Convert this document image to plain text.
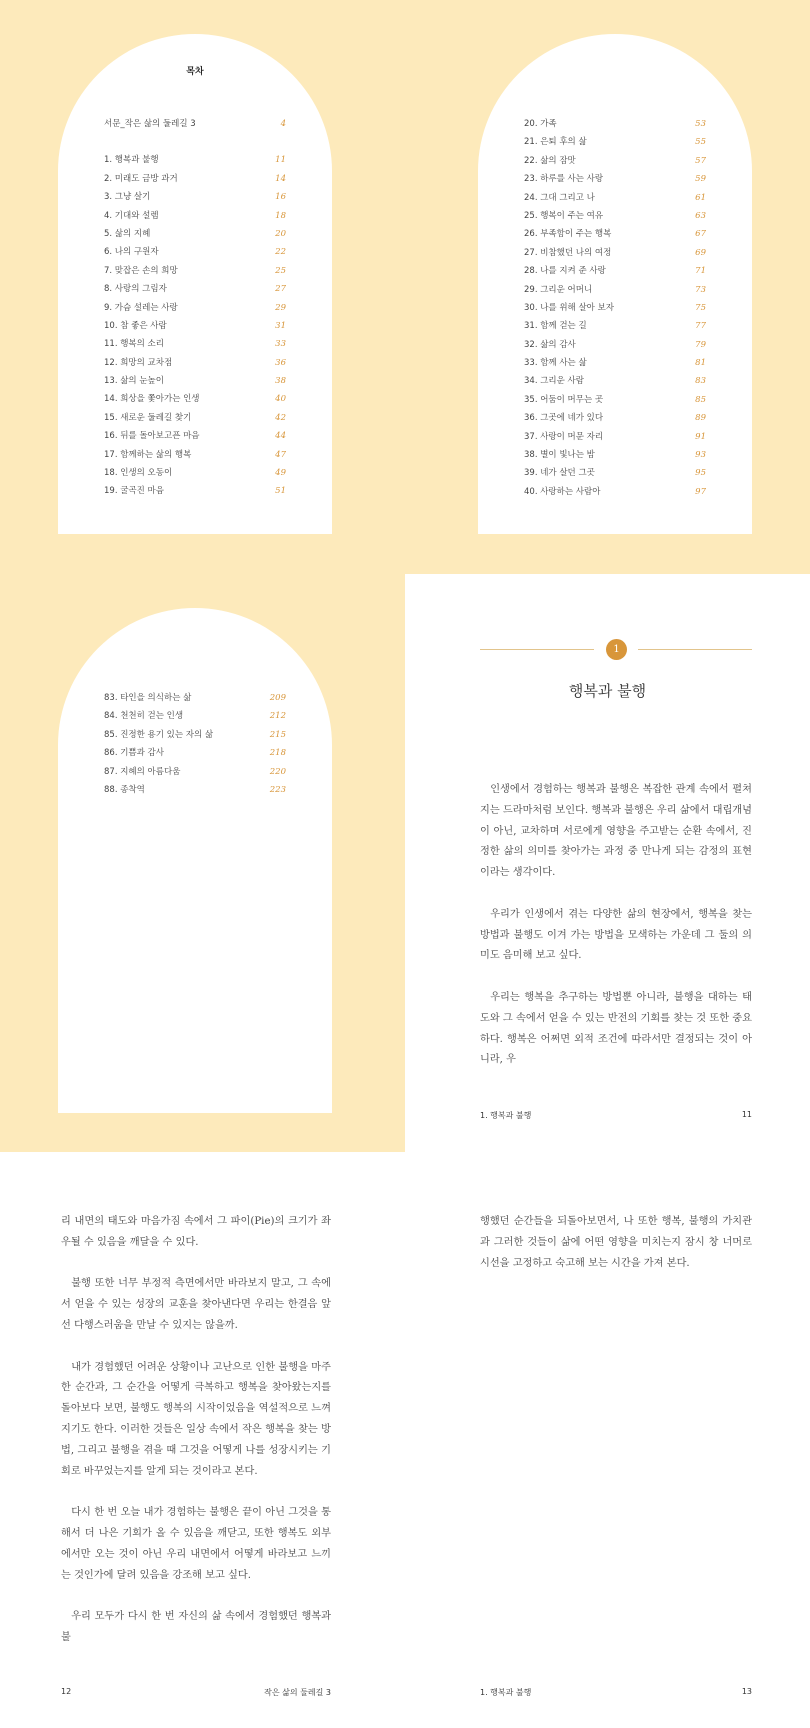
목차
서문_작은 삶의 둘레길 3	4
1. 행복과 불행	11
2. 미래도 금방 과거	14
3. 그냥 살기	16
4. 기대와 설렘	18
5. 삶의 지혜	20
6. 나의 구원자	22
7. 맞잡은 손의 희망	25
8. 사랑의 그림자	27
9. 가슴 설레는 사랑	29
10. 참 좋은 사람	31
11. 행복의 소리	33
12. 희망의 교차점	36
13. 삶의 눈높이	38
14. 희상을 쫓아가는 인생	40
15. 새로운 둘레길 찾기	42
16. 뒤를 돌아보고픈 마음	44
17. 함께하는 삶의 행복	47
18. 인생의 오동이	49
19. 굴곡진 마음	51
20. 가족	53
21. 은퇴 후의 삶	55
22. 삶의 잠맛	57
23. 하루를 사는 사랑	59
24. 그대 그리고 나	61
25. 행복이 주는 여유	63
26. 부족함이 주는 행복	67
27. 비참했던 나의 여정	69
28. 나를 지켜 준 사랑	71
29. 그리운 어머니	73
30. 나를 위해 살아 보자	75
31. 함께 걷는 길	77
32. 삶의 감사	79
33. 함께 사는 삶	81
34. 그리운 사람	83
35. 어둠이 머무는 곳	85
36. 그곳에 네가 있다	89
37. 사랑이 머문 자리	91
38. 별이 빛나는 밤	93
39. 네가 살던 그곳	95
40. 사랑하는 사람아	97
83. 타인을 의식하는 삶	209
84. 천천히 걷는 인생	212
85. 진정한 용기 있는 자의 삶	215
86. 기쁨과 감사	218
87. 지혜의 아름다움	220
88. 종착역	223
1
행복과 불행

인생에서 경험하는 행복과 불행은 복잡한 관계 속에서 펼쳐지는 드라마처럼 보인다. 행복과 불행은 우리 삶에서 대립개념이 아닌, 교차하며 서로에게 영향을 주고받는 순환 속에서, 진정한 삶의 의미를 찾아가는 과정 중 만나게 되는 감정의 표현이라는 생각이다.

우리가 인생에서 겪는 다양한 삶의 현장에서, 행복을 찾는 방법과 불행도 이겨 가는 방법을 모색하는 가운데 그 둘의 의미도 음미해 보고 싶다.

우리는 행복을 추구하는 방법뿐 아니라, 불행을 대하는 태도와 그 속에서 얻을 수 있는 반전의 기회를 찾는 것 또한 중요하다. 행복은 어쩌면 외적 조건에 따라서만 결정되는 것이 아니라, 우

1. 행복과 불행	11

리 내면의 태도와 마음가짐 속에서 그 파이(Pie)의 크기가 좌우될 수 있음을 깨달을 수 있다.

불행 또한 너무 부정적 측면에서만 바라보지 말고, 그 속에서 얻을 수 있는 성장의 교훈을 찾아낸다면 우리는 한결음 앞선 다행스러움을 만날 수 있지는 않을까.

내가 경험했던 어려운 상황이나 고난으로 인한 불행을 마주한 순간과, 그 순간을 어떻게 극복하고 행복을 찾아왔는지를 돌아보다 보면, 불행도 행복의 시작이었음을 역설적으로 느껴지기도 한다. 이러한 것들은 일상 속에서 작은 행복을 찾는 방법, 그리고 불행을 겪을 때 그것을 어떻게 나를 성장시키는 기회로 바꾸었는지를 알게 되는 것이라고 본다.

다시 한 번 오늘 내가 경험하는 불행은 끝이 아닌 그것을 통해서 더 나은 기회가 올 수 있음을 깨닫고, 또한 행복도 외부에서만 오는 것이 아닌 우리 내면에서 어떻게 바라보고 느끼는 것인가에 달려 있음을 강조해 보고 싶다.

우리 모두가 다시 한 번 자신의 삶 속에서 경험했던 행복과 불

12	작은 삶의 둘레길 3

행했던 순간들을 되돌아보면서, 나 또한 행복, 불행의 가치관과 그러한 것들이 삶에 어떤 영향을 미치는지 잠시 창 너머로 시선을 고정하고 숙고해 보는 시간을 가져 본다.

1. 행복과 불행	13
